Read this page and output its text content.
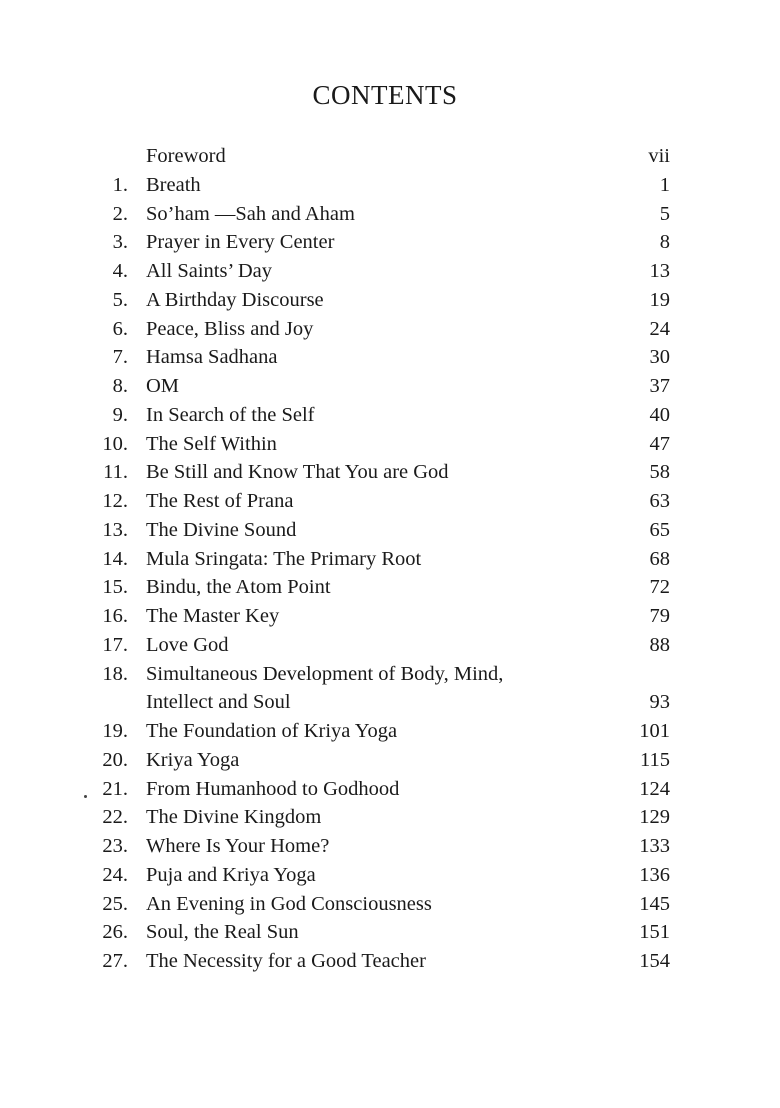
CONTENTS
Foreword	vii
1. Breath	1
2. So’ham —Sah and Aham	5
3. Prayer in Every Center	8
4. All Saints’ Day	13
5. A Birthday Discourse	19
6. Peace, Bliss and Joy	24
7. Hamsa Sadhana	30
8. OM	37
9. In Search of the Self	40
10. The Self Within	47
11. Be Still and Know That You are God	58
12. The Rest of Prana	63
13. The Divine Sound	65
14. Mula Sringata: The Primary Root	68
15. Bindu, the Atom Point	72
16. The Master Key	79
17. Love God	88
18. Simultaneous Development of Body, Mind,
Intellect and Soul	93
19. The Foundation of Kriya Yoga	101
20. Kriya Yoga	115
21. From Humanhood to Godhood	124
22. The Divine Kingdom	129
23. Where Is Your Home?	133
24. Puja and Kriya Yoga	136
25. An Evening in God Consciousness	145
26. Soul, the Real Sun	151
27. The Necessity for a Good Teacher	154
